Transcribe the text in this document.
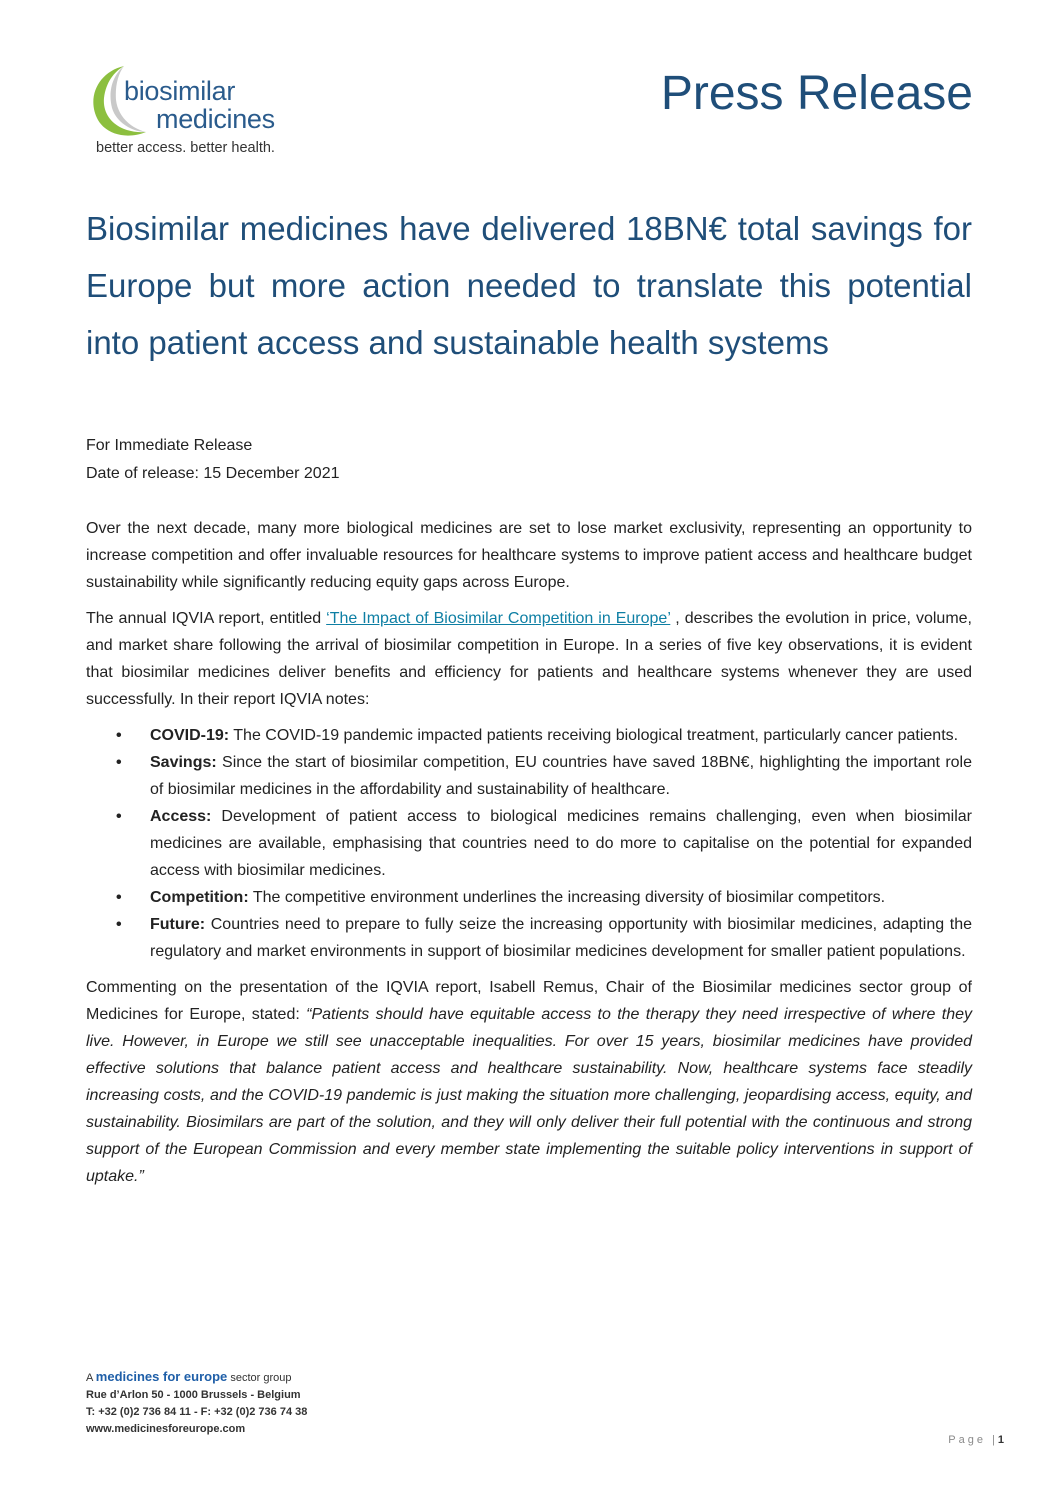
biosimilar
medicines
better access. better health.
Press Release
Biosimilar medicines have delivered 18BN€ total savings for Europe but more action needed to translate this potential into patient access and sustainable health systems
For Immediate Release
Date of release: 15 December 2021

Over the next decade, many more biological medicines are set to lose market exclusivity, representing an opportunity to increase competition and offer invaluable resources for healthcare systems to improve patient access and healthcare budget sustainability while significantly reducing equity gaps across Europe.

The annual IQVIA report, entitled ‘The Impact of Biosimilar Competition in Europe’ , describes the evolution in price, volume, and market share following the arrival of biosimilar competition in Europe. In a series of five key observations, it is evident that biosimilar medicines deliver benefits and efficiency for patients and healthcare systems whenever they are used successfully. In their report IQVIA notes:

• COVID-19: The COVID-19 pandemic impacted patients receiving biological treatment, particularly cancer patients.
• Savings: Since the start of biosimilar competition, EU countries have saved 18BN€, highlighting the important role of biosimilar medicines in the affordability and sustainability of healthcare.
• Access: Development of patient access to biological medicines remains challenging, even when biosimilar medicines are available, emphasising that countries need to do more to capitalise on the potential for expanded access with biosimilar medicines.
• Competition: The competitive environment underlines the increasing diversity of biosimilar competitors.
• Future: Countries need to prepare to fully seize the increasing opportunity with biosimilar medicines, adapting the regulatory and market environments in support of biosimilar medicines development for smaller patient populations.

Commenting on the presentation of the IQVIA report, Isabell Remus, Chair of the Biosimilar medicines sector group of Medicines for Europe, stated: “Patients should have equitable access to the therapy they need irrespective of where they live. However, in Europe we still see unacceptable inequalities. For over 15 years, biosimilar medicines have provided effective solutions that balance patient access and healthcare sustainability. Now, healthcare systems face steadily increasing costs, and the COVID-19 pandemic is just making the situation more challenging, jeopardising access, equity, and sustainability. Biosimilars are part of the solution, and they will only deliver their full potential with the continuous and strong support of the European Commission and every member state implementing the suitable policy interventions in support of uptake.”

A medicines for europe sector group
Rue d’Arlon 50 - 1000 Brussels - Belgium
T: +32 (0)2 736 84 11 - F: +32 (0)2 736 74 38
www.medicinesforeurope.com
Page |1
